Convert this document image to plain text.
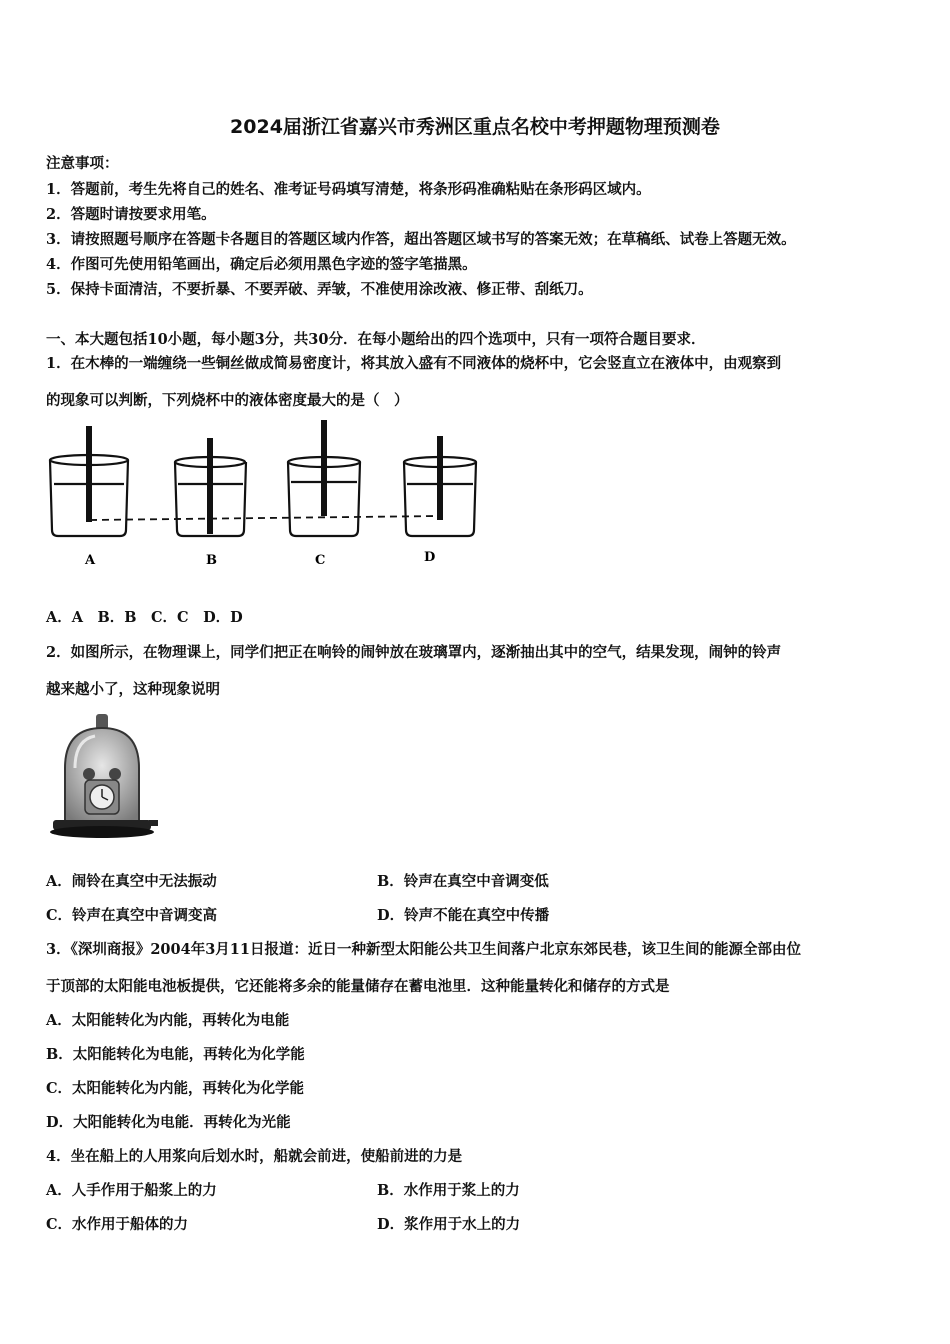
2024届浙江省嘉兴市秀洲区重点名校中考押题物理预测卷
注意事项：
1．答题前，考生先将自己的姓名、准考证号码填写清楚，将条形码准确粘贴在条形码区域内。
2．答题时请按要求用笔。
3．请按照题号顺序在答题卡各题目的答题区域内作答，超出答题区域书写的答案无效；在草稿纸、试卷上答题无效。
4．作图可先使用铅笔画出，确定后必须用黑色字迹的签字笔描黑。
5．保持卡面清洁，不要折暴、不要弄破、弄皱，不准使用涂改液、修正带、刮纸刀。
一、本大题包括10小题，每小题3分，共30分．在每小题给出的四个选项中，只有一项符合题目要求．
1．在木棒的一端缠绕一些铜丝做成简易密度计，将其放入盛有不同液体的烧杯中，它会竖直立在液体中，由观察到
的现象可以判断，下列烧杯中的液体密度最大的是（　）
A	B	C	D
A．A　B．B　C．C　D．D
2．如图所示，在物理课上，同学们把正在响铃的闹钟放在玻璃罩内，逐渐抽出其中的空气，结果发现，闹钟的铃声
越来越小了，这种现象说明
A．闹铃在真空中无法振动	B．铃声在真空中音调变低
C．铃声在真空中音调变高	D．铃声不能在真空中传播
3．《深圳商报》2004年3月11日报道：近日一种新型太阳能公共卫生间落户北京东郊民巷，该卫生间的能源全部由位
于顶部的太阳能电池板提供，它还能将多余的能量储存在蓄电池里．这种能量转化和储存的方式是
A．太阳能转化为内能，再转化为电能
B．太阳能转化为电能，再转化为化学能
C．太阳能转化为内能，再转化为化学能
D．大阳能转化为电能．再转化为光能
4．坐在船上的人用浆向后划水时，船就会前进，使船前进的力是
A．人手作用于船浆上的力	B．水作用于浆上的力
C．水作用于船体的力	D．浆作用于水上的力
